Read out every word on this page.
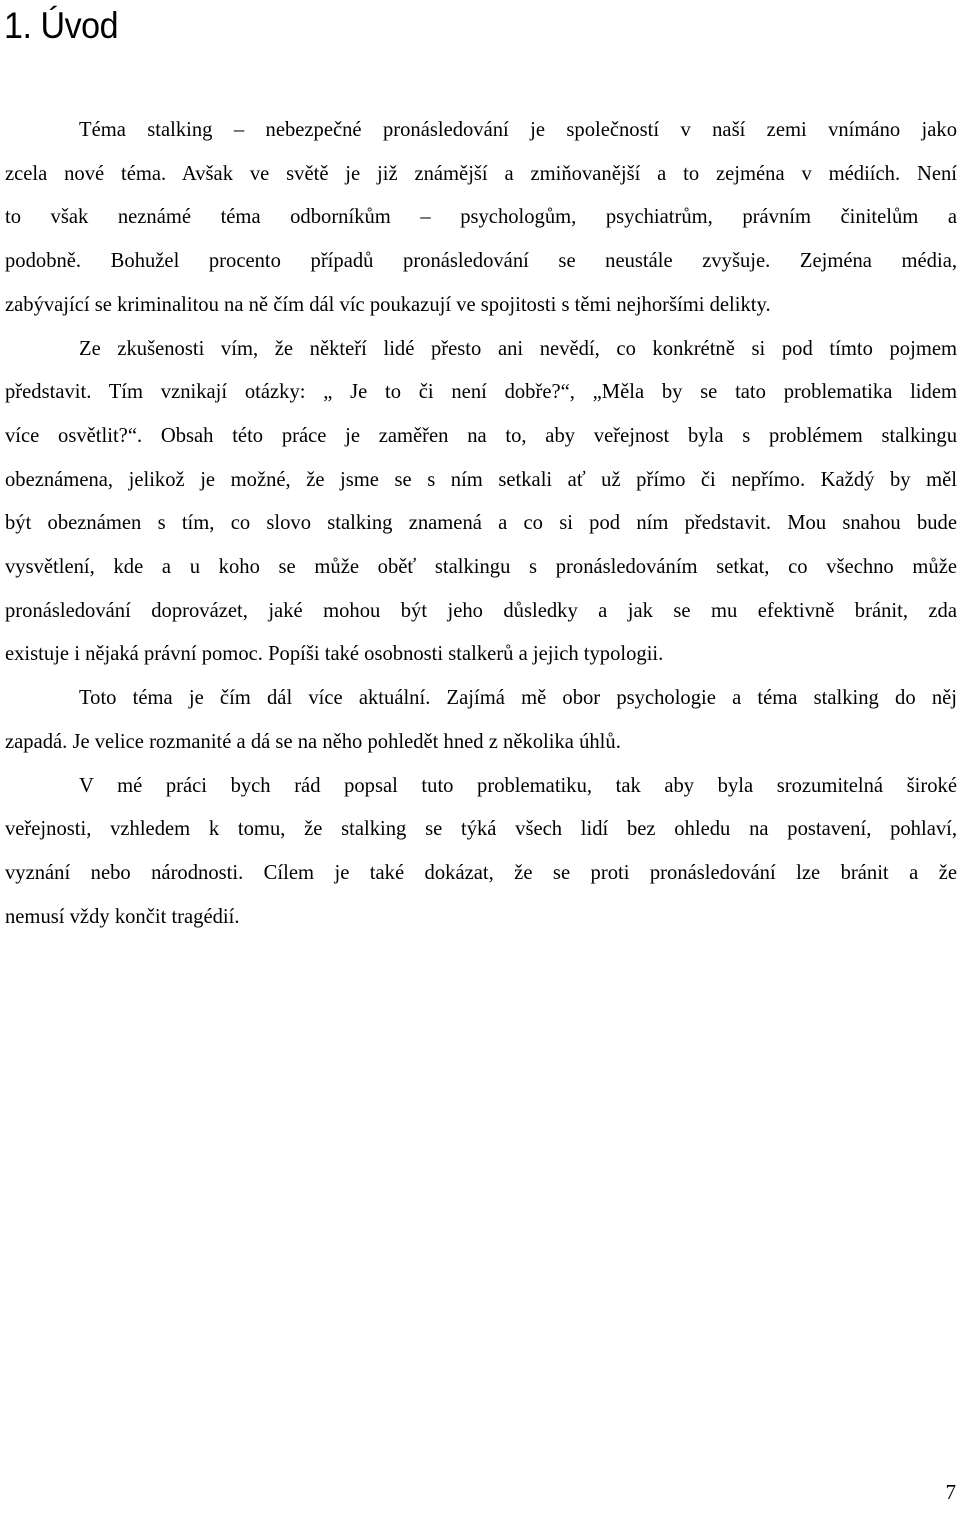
1. Úvod
Téma stalking – nebezpečné pronásledování je společností v naší zemi vnímáno jako
zcela nové téma. Avšak ve světě je již známější a zmiňovanější a to zejména v médiích. Není
to však neznámé téma odborníkům – psychologům, psychiatrům, právním činitelům a
podobně. Bohužel procento případů pronásledování se neustále zvyšuje. Zejména média,
zabývající se kriminalitou na ně čím dál víc poukazují ve spojitosti s těmi nejhoršími delikty.
Ze zkušenosti vím, že někteří lidé přesto ani nevědí, co konkrétně si pod tímto pojmem
představit. Tím vznikají otázky: „ Je to či není dobře?“, „Měla by se tato problematika lidem
více osvětlit?“. Obsah této práce je zaměřen na to, aby veřejnost byla s problémem stalkingu
obeznámena, jelikož je možné, že jsme se s ním setkali ať už přímo či nepřímo. Každý by měl
být obeznámen s tím, co slovo stalking znamená a co si pod ním představit. Mou snahou bude
vysvětlení, kde a u koho se může oběť stalkingu s pronásledováním setkat, co všechno může
pronásledování doprovázet, jaké mohou být jeho důsledky a jak se mu efektivně bránit, zda
existuje i nějaká právní pomoc. Popíši také osobnosti stalkerů a jejich typologii.
Toto téma je čím dál více aktuální. Zajímá mě obor psychologie a téma stalking do něj
zapadá. Je velice rozmanité a dá se na něho pohledět hned z několika úhlů.
V mé práci bych rád popsal tuto problematiku, tak aby byla srozumitelná široké
veřejnosti, vzhledem k tomu, že stalking se týká všech lidí bez ohledu na postavení, pohlaví,
vyznání nebo národnosti. Cílem je také dokázat, že se proti pronásledování lze bránit a že
nemusí vždy končit tragédií.
7
